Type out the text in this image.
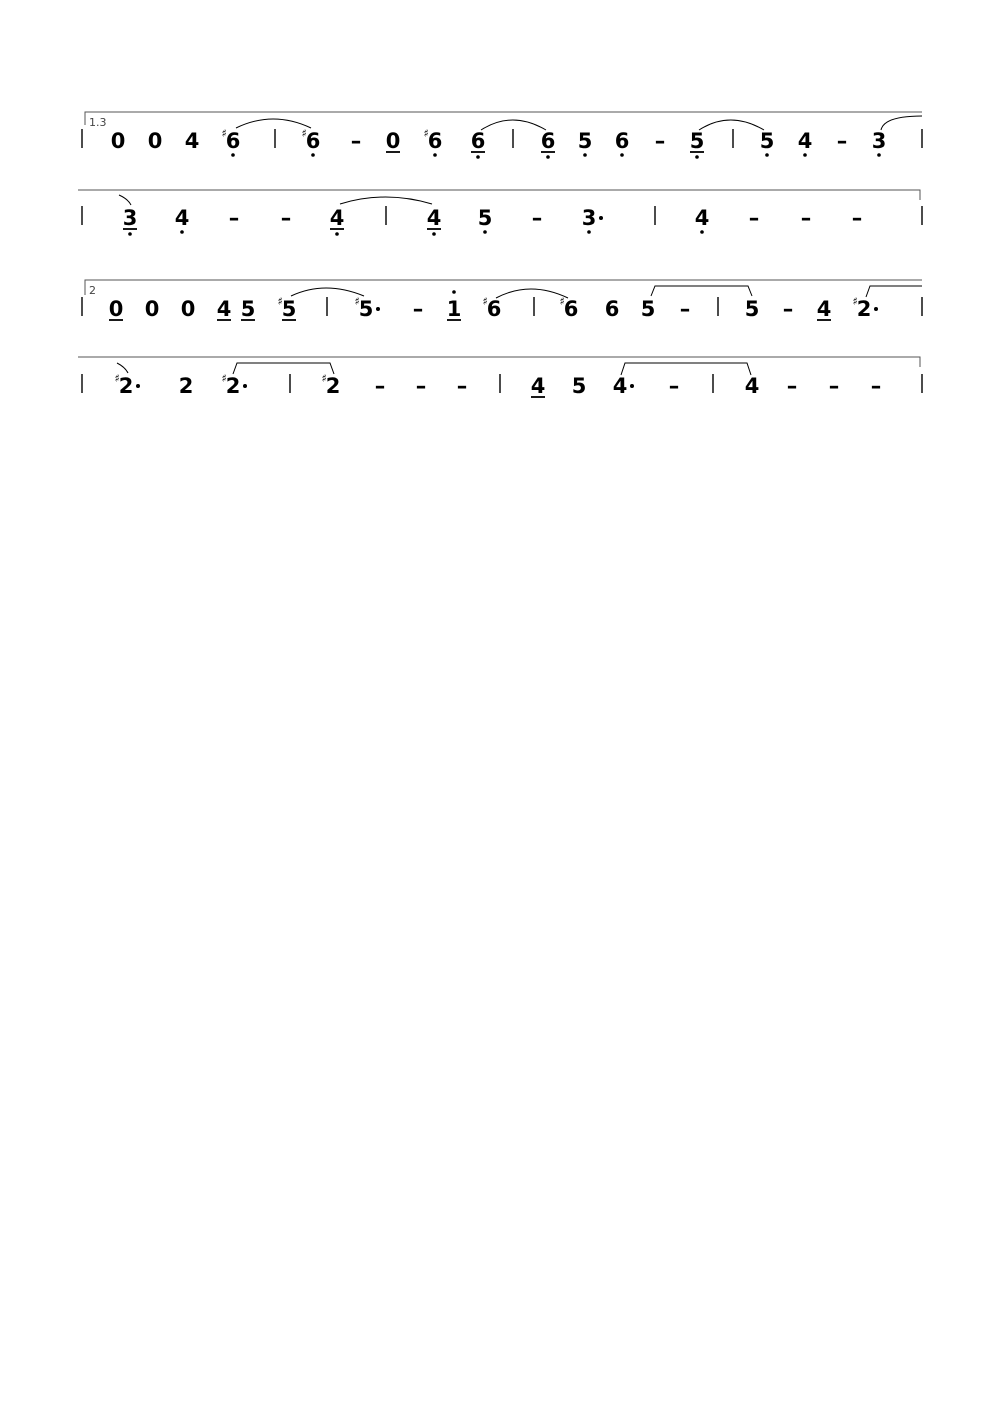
1.3
2
0 0 4 6
♯	6
♯ – 0 6
♯ 6	6 5 6 – 5	5 4 – 3
3 4 – – 4	4 5 – 3	4 – – –
0 0 0 4 5 5
♯	5
♯	– 1 6
♯	6
♯ 6 5 –	5 – 4 2
♯
2
♯	2 2
♯	2
♯ – – –	4 5 4 –	4 – – –
